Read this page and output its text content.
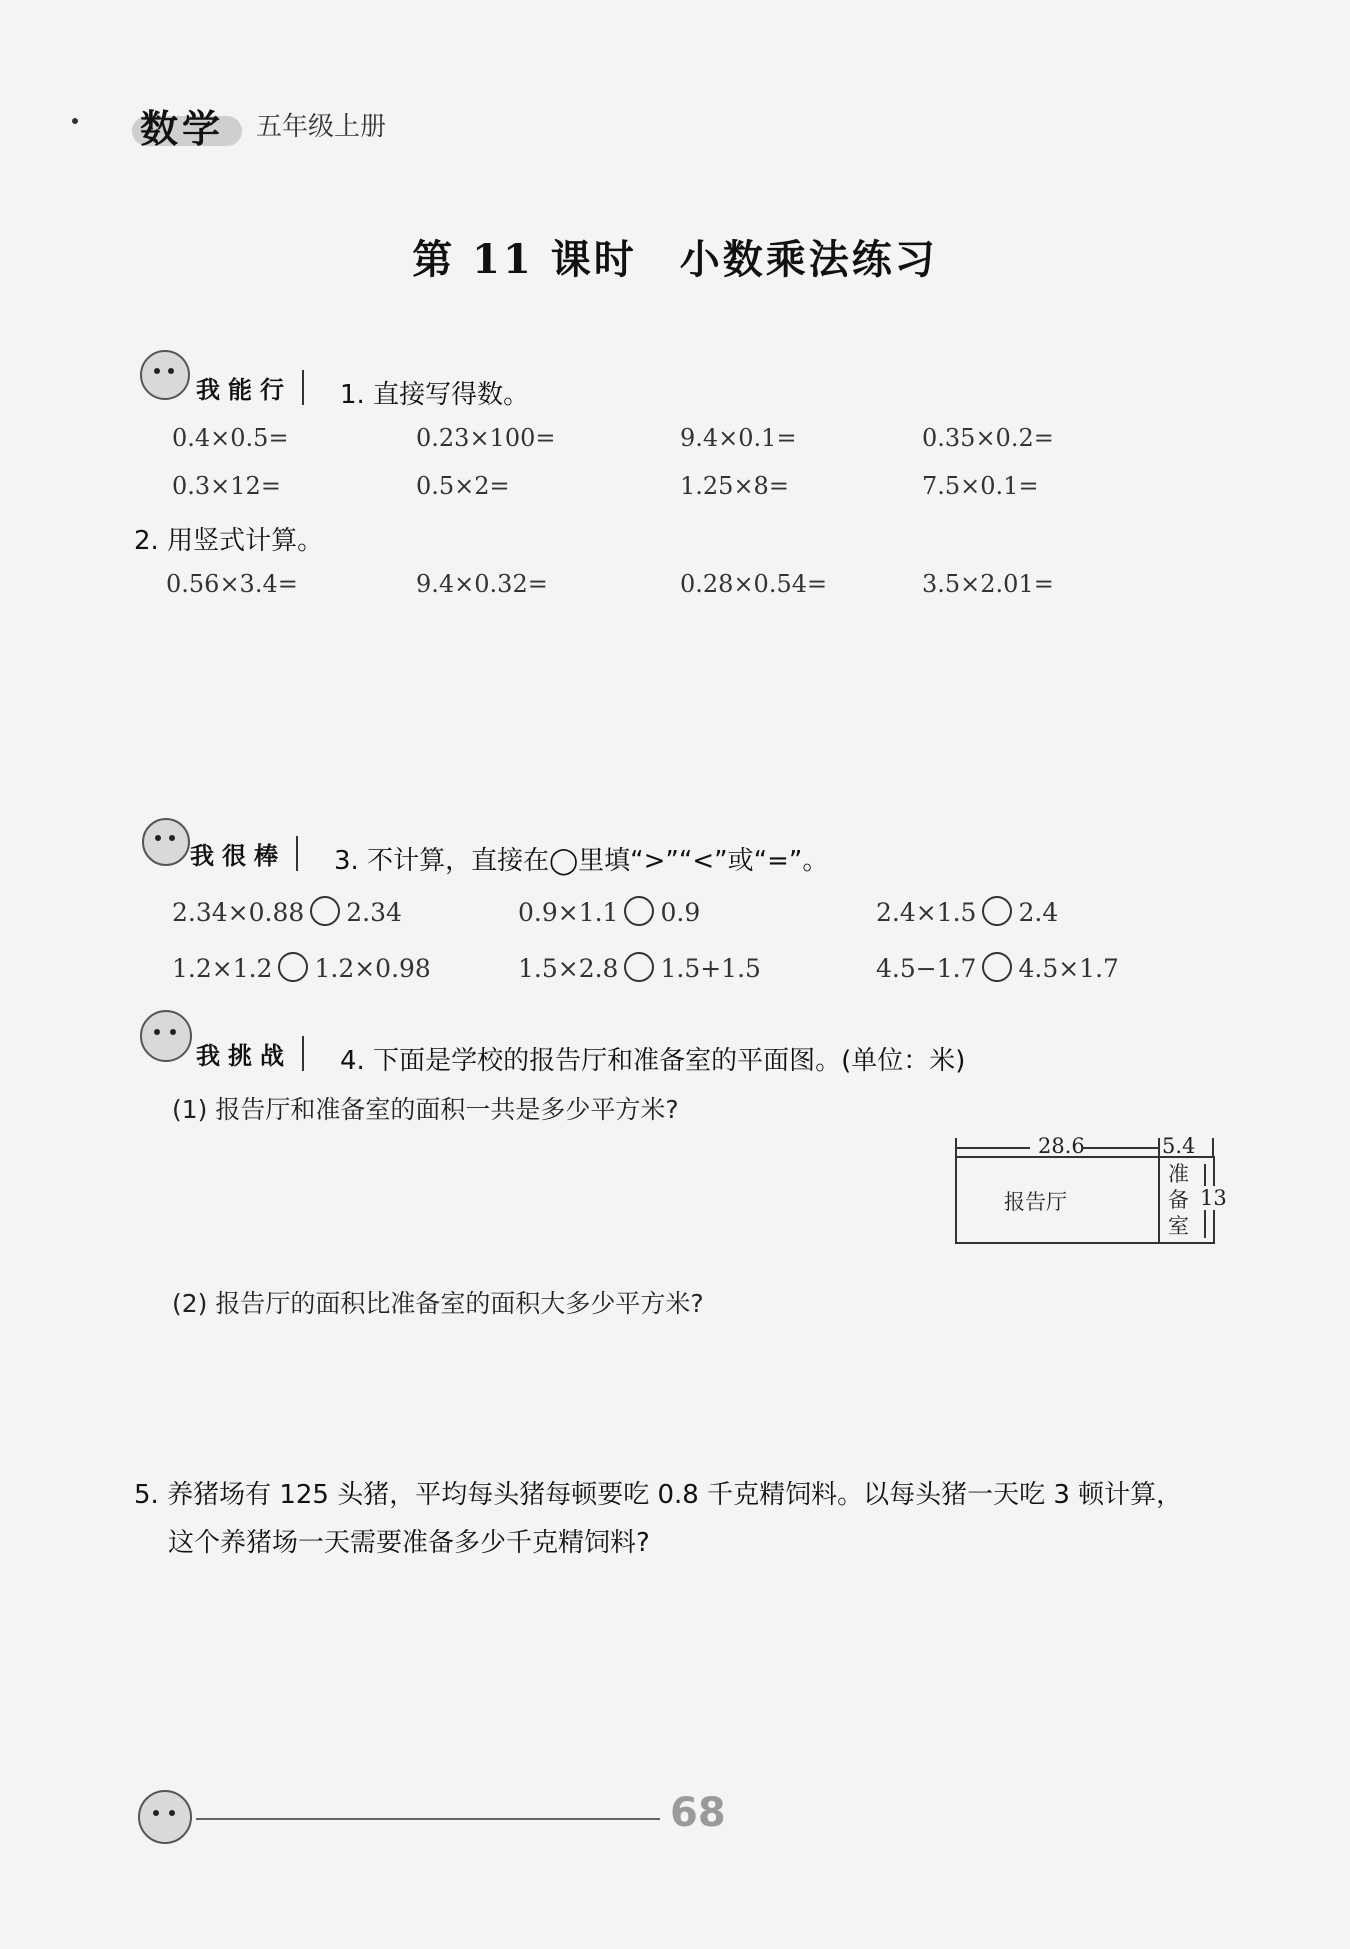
数学 五年级上册
第 11 课时　小数乘法练习
我能行	1. 直接写得数。
0.4×0.5=	0.23×100=	9.4×0.1=	0.35×0.2=
0.3×12=	0.5×2=	1.25×8=	7.5×0.1=
2. 用竖式计算。
0.56×3.4=	9.4×0.32=	0.28×0.54=	3.5×2.01=
我很棒	3. 不计算，直接在◯里填“>”“<”或“=”。
2.34×0.88 2.34	0.9×1.1 0.9	2.4×1.5 2.4
1.2×1.2 1.2×0.98	1.5×2.8 1.5+1.5	4.5−1.7 4.5×1.7
我挑战	4. 下面是学校的报告厅和准备室的平面图。(单位：米)
(1) 报告厅和准备室的面积一共是多少平方米?
28.6	5.4
报告厅
准
备
室
13
(2) 报告厅的面积比准备室的面积大多少平方米?
5. 养猪场有 125 头猪，平均每头猪每顿要吃 0.8 千克精饲料。以每头猪一天吃 3 顿计算，
这个养猪场一天需要准备多少千克精饲料?
68
